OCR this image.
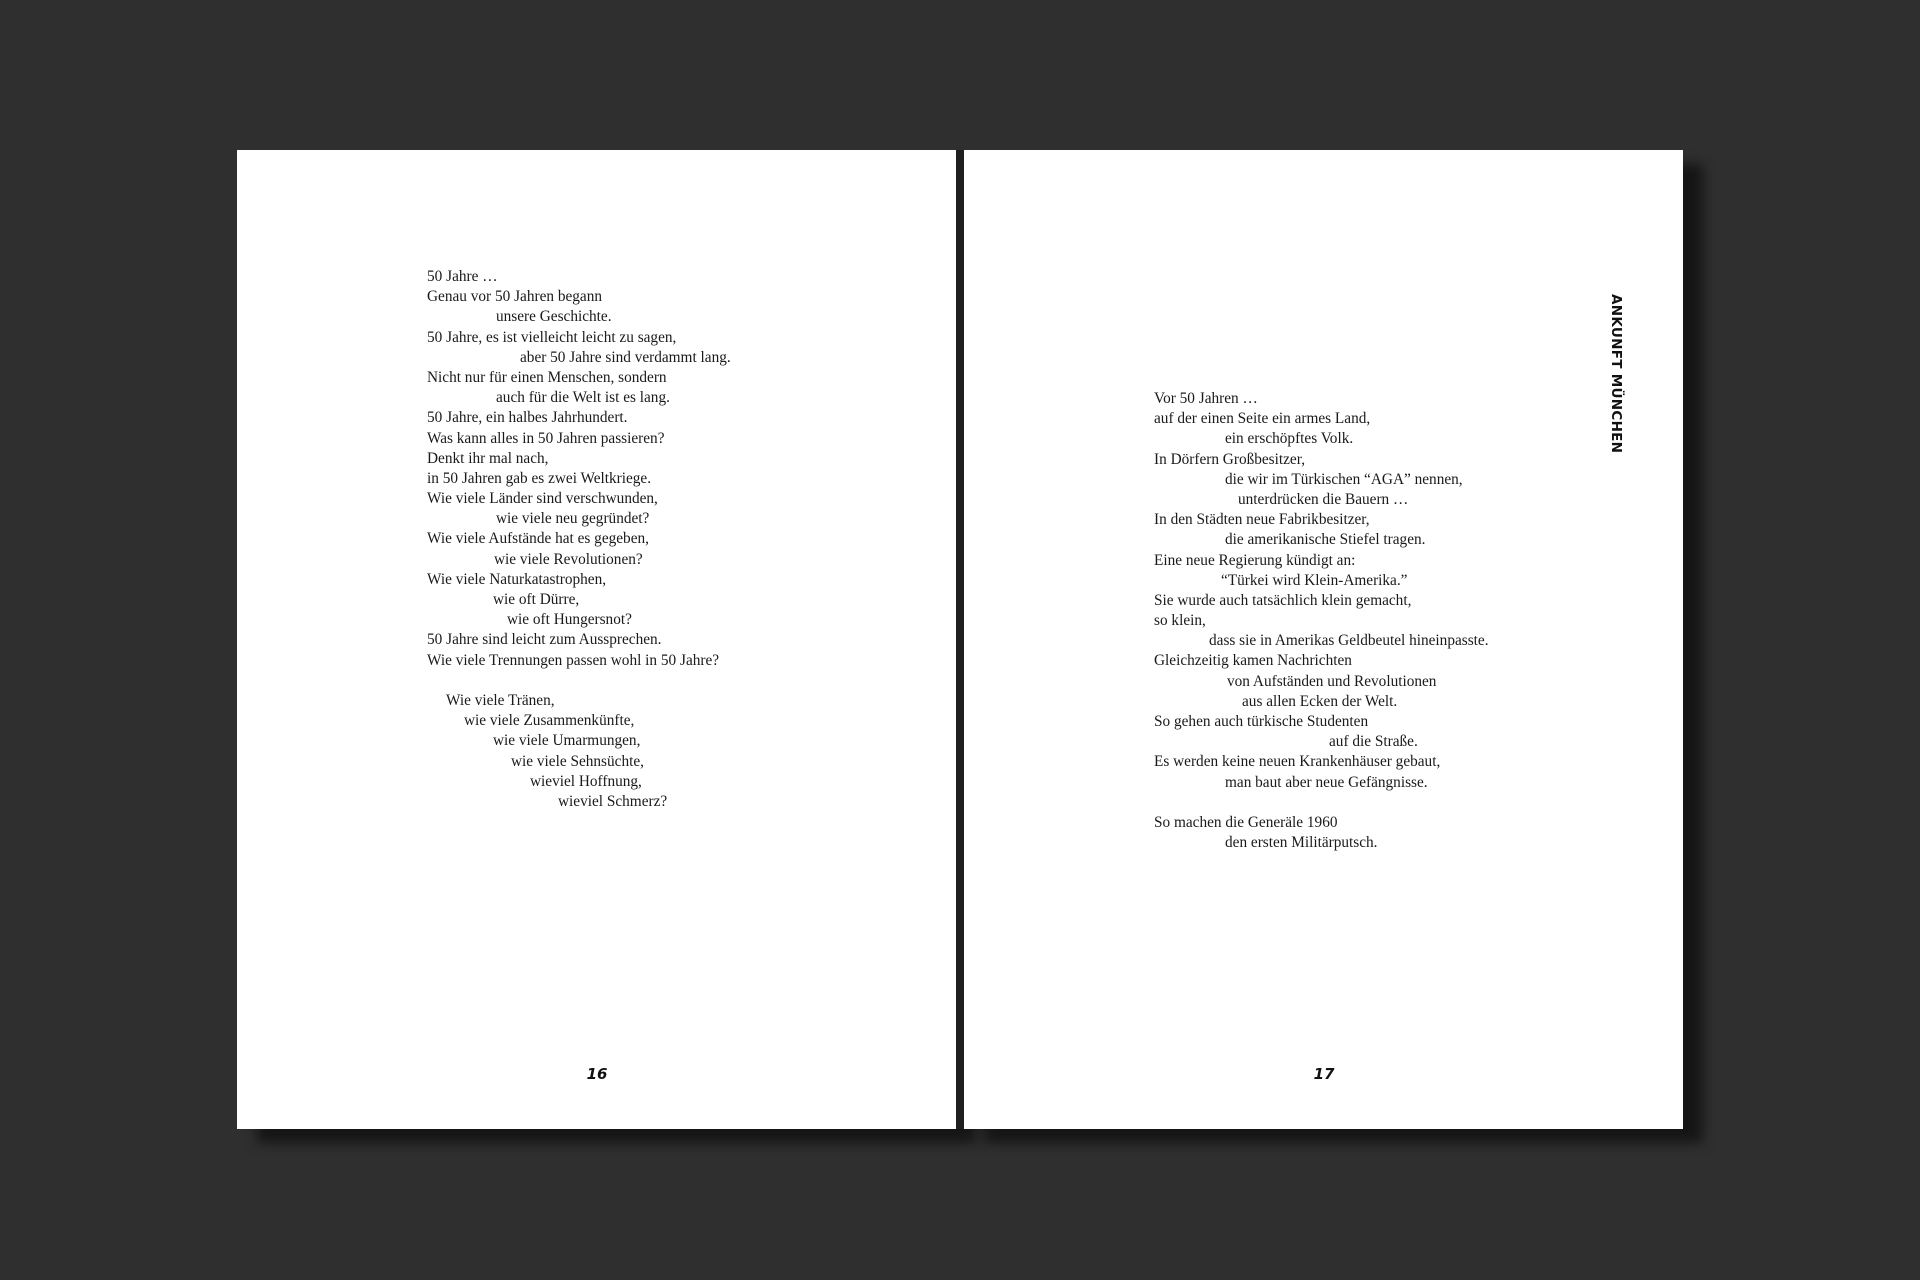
50 Jahre …
Genau vor 50 Jahren begann
unsere Geschichte.
50 Jahre, es ist vielleicht leicht zu sagen,
aber 50 Jahre sind verdammt lang.
Nicht nur für einen Menschen, sondern
auch für die Welt ist es lang.
50 Jahre, ein halbes Jahrhundert.
Was kann alles in 50 Jahren passieren?
Denkt ihr mal nach,
in 50 Jahren gab es zwei Weltkriege.
Wie viele Länder sind verschwunden,
wie viele neu gegründet?
Wie viele Aufstände hat es gegeben,
wie viele Revolutionen?
Wie viele Naturkatastrophen,
wie oft Dürre,
wie oft Hungersnot?
50 Jahre sind leicht zum Aussprechen.
Wie viele Trennungen passen wohl in 50 Jahre?
Wie viele Tränen,
wie viele Zusammenkünfte,
wie viele Umarmungen,
wie viele Sehnsüchte,
wieviel Hoffnung,
wieviel Schmerz?
16
ANKUNFT MÜNCHEN
Vor 50 Jahren …
auf der einen Seite ein armes Land,
ein erschöpftes Volk.
In Dörfern Großbesitzer,
die wir im Türkischen “AGA” nennen,
unterdrücken die Bauern …
In den Städten neue Fabrikbesitzer,
die amerikanische Stiefel tragen.
Eine neue Regierung kündigt an:
“Türkei wird Klein-Amerika.”
Sie wurde auch tatsächlich klein gemacht,
so klein,
dass sie in Amerikas Geldbeutel hineinpasste.
Gleichzeitig kamen Nachrichten
von Aufständen und Revolutionen
aus allen Ecken der Welt.
So gehen auch türkische Studenten
auf die Straße.
Es werden keine neuen Krankenhäuser gebaut,
man baut aber neue Gefängnisse.
So machen die Generäle 1960
den ersten Militärputsch.
17
